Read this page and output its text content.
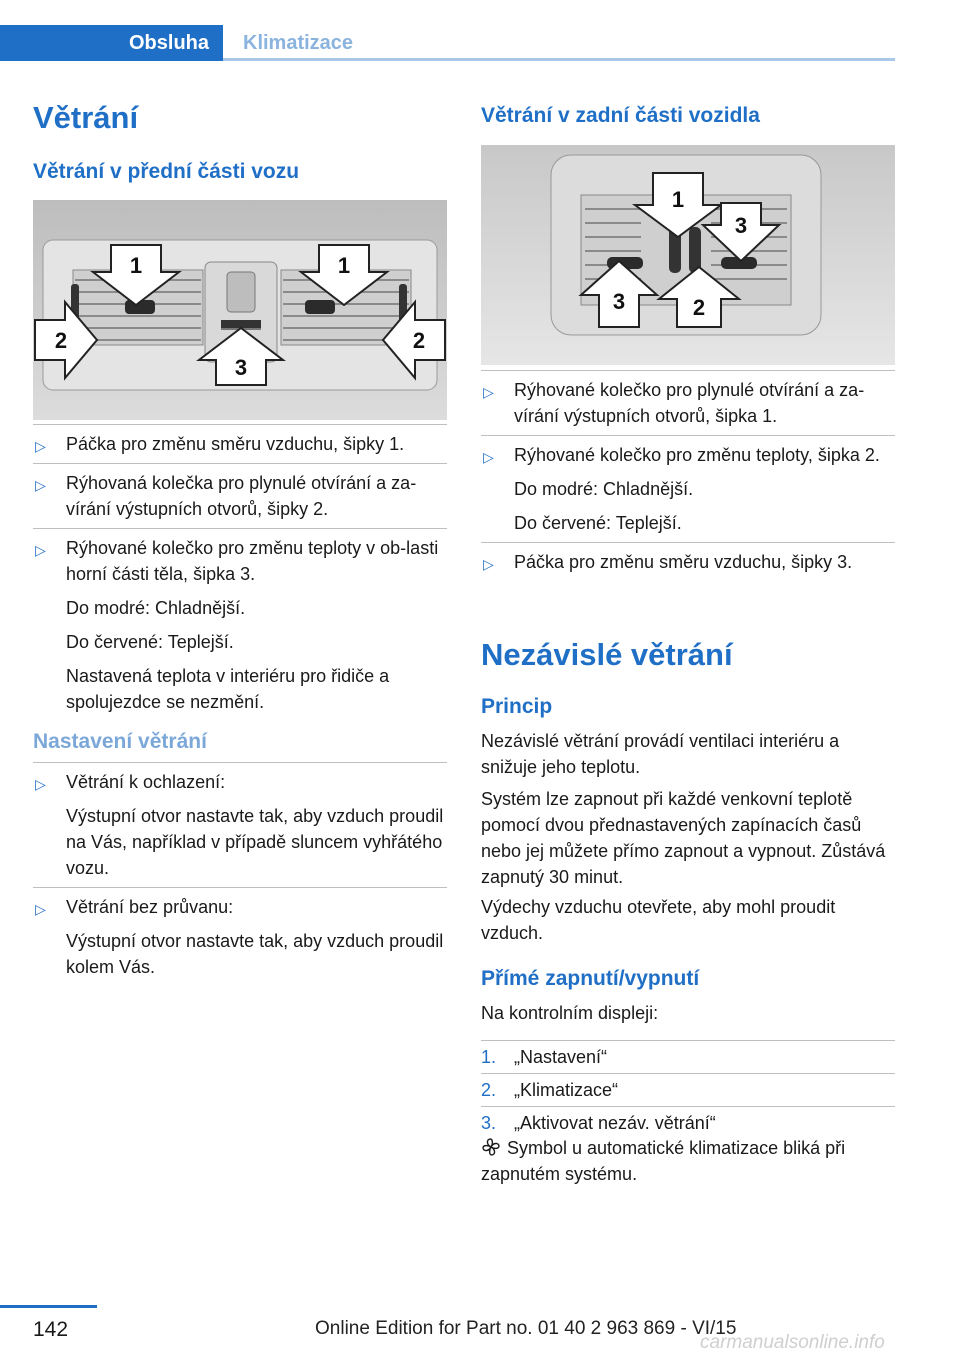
Obsluha	Klimatizace
Větrání
Větrání v přední části vozu
1	1
2	2
3
▷ Páčka pro změnu směru vzduchu, šipky 1.
▷ Rýhovaná kolečka pro plynulé otvírání a za‐vírání výstupních otvorů, šipky 2.
▷ Rýhované kolečko pro změnu teploty v ob‐lasti horní části těla, šipka 3.
Do modré: Chladnější.
Do červené: Teplejší.
Nastavená teplota v interiéru pro řidiče a spolujezdce se nezmění.
Nastavení větrání
▷ Větrání k ochlazení:
Výstupní otvor nastavte tak, aby vzduch proudil na Vás, například v případě sluncem vyhřátého vozu.
▷ Větrání bez průvanu:
Výstupní otvor nastavte tak, aby vzduch proudil kolem Vás.
Větrání v zadní části vozidla
1
2
3
3
▷ Rýhované kolečko pro plynulé otvírání a za‐vírání výstupních otvorů, šipka 1.
▷ Rýhované kolečko pro změnu teploty, šipka 2.
Do modré: Chladnější.
Do červené: Teplejší.
▷ Páčka pro změnu směru vzduchu, šipky 3.
Nezávislé větrání
Princip
Nezávislé větrání provádí ventilaci interiéru a snižuje jeho teplotu.
Systém lze zapnout při každé venkovní teplotě pomocí dvou přednastavených zapínacích časů nebo jej můžete přímo zapnout a vypnout. Zůstává zapnutý 30 minut.
Výdechy vzduchu otevřete, aby mohl proudit vzduch.
Přímé zapnutí/vypnutí
Na kontrolním displeji:
1. „Nastavení“
2. „Klimatizace“
3. „Aktivovat nezáv. větrání“
Symbol u automatické klimatizace bliká při zapnutém systému.
142	Online Edition for Part no. 01 40 2 963 869 - VI/15
carmanualsonline.info
